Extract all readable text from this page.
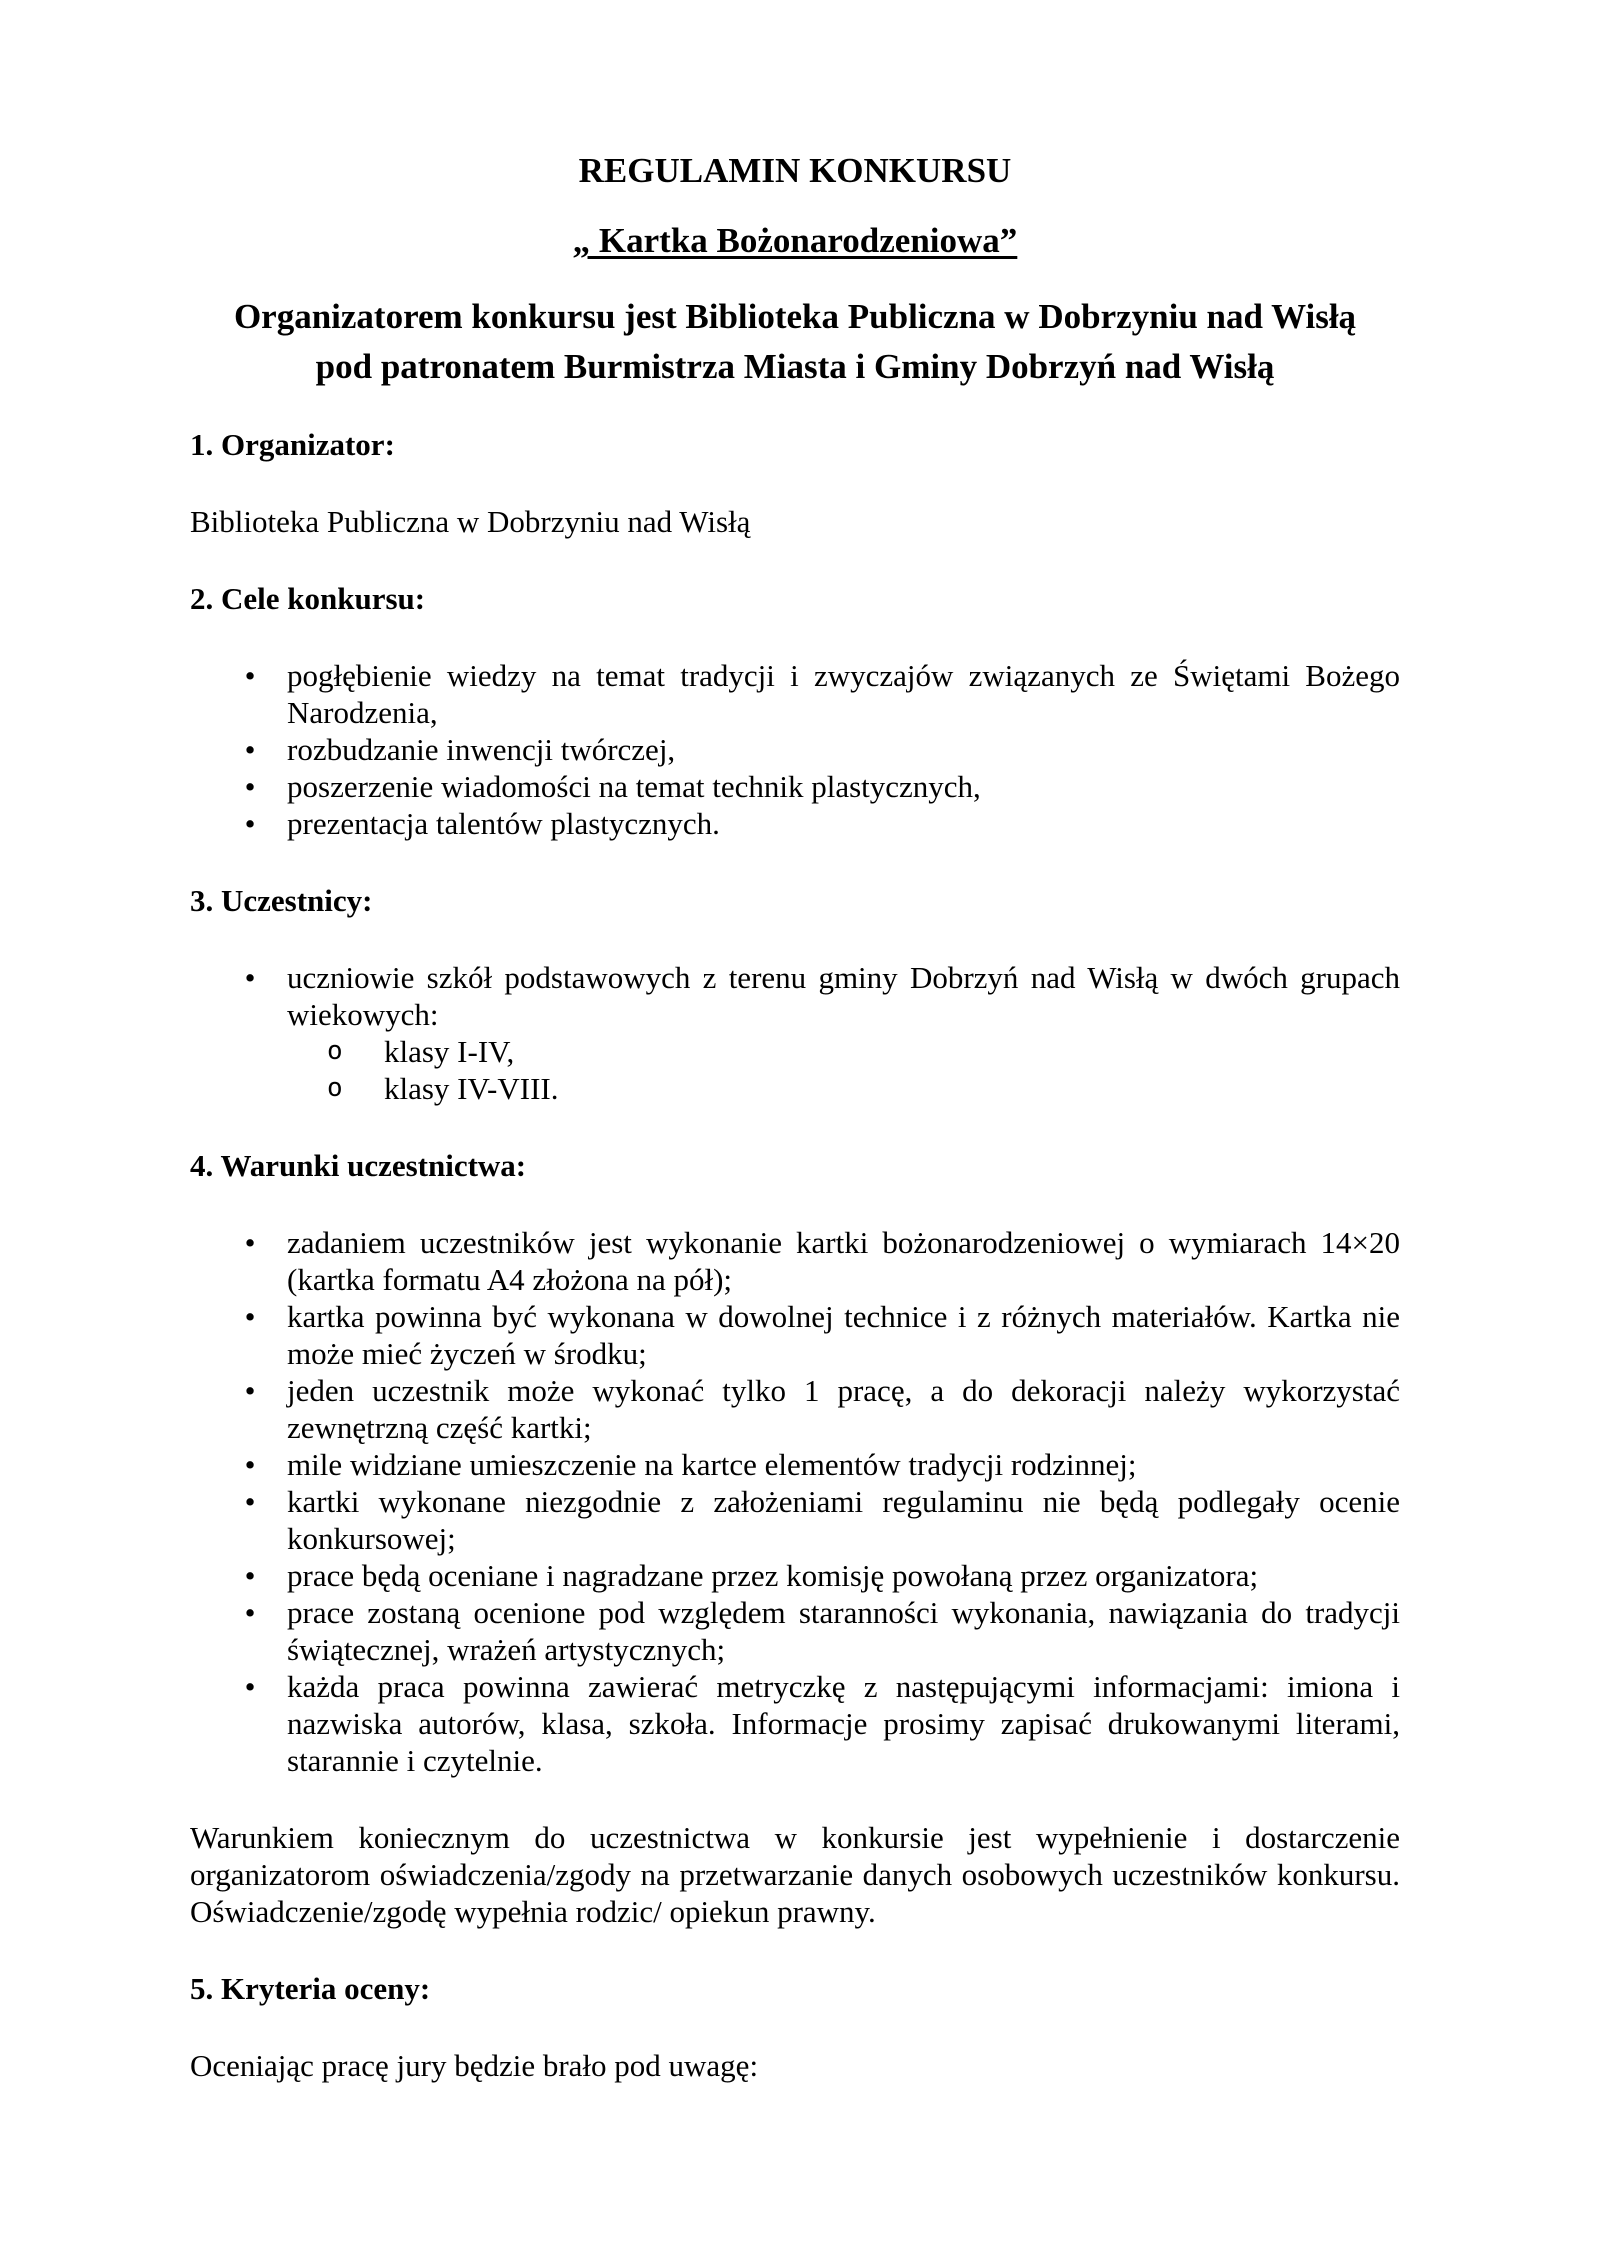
REGULAMIN KONKURSU

„ Kartka Bożonarodzeniowa”

Organizatorem konkursu jest Biblioteka Publiczna w Dobrzyniu nad Wisłą

pod patronatem Burmistrza Miasta i Gminy Dobrzyń nad Wisłą

1. Organizator:

Biblioteka Publiczna w Dobrzyniu nad Wisłą

2. Cele konkursu:

• pogłębienie wiedzy na temat tradycji i zwyczajów związanych ze Świętami Bożego Narodzenia,
• rozbudzanie inwencji twórczej,
• poszerzenie wiadomości na temat technik plastycznych,
• prezentacja talentów plastycznych.

3. Uczestnicy:

• uczniowie szkół podstawowych z terenu gminy Dobrzyń nad Wisłą w dwóch grupach wiekowych:
o klasy I-IV,
o klasy IV-VIII.

4. Warunki uczestnictwa:

• zadaniem uczestników jest wykonanie kartki bożonarodzeniowej o wymiarach 14×20 (kartka formatu A4 złożona na pół);
• kartka powinna być wykonana w dowolnej technice i z różnych materiałów. Kartka nie może mieć życzeń w środku;
• jeden uczestnik może wykonać tylko 1 pracę, a do dekoracji należy wykorzystać zewnętrzną część kartki;
• mile widziane umieszczenie na kartce elementów tradycji rodzinnej;
• kartki wykonane niezgodnie z założeniami regulaminu nie będą podlegały ocenie konkursowej;
• prace będą oceniane i nagradzane przez komisję powołaną przez organizatora;
• prace zostaną ocenione pod względem staranności wykonania, nawiązania do tradycji świątecznej, wrażeń artystycznych;
• każda praca powinna zawierać metryczkę z następującymi informacjami: imiona i nazwiska autorów, klasa, szkoła. Informacje prosimy zapisać drukowanymi literami, starannie i czytelnie.

Warunkiem koniecznym do uczestnictwa w konkursie jest wypełnienie i dostarczenie organizatorom oświadczenia/zgody na przetwarzanie danych osobowych uczestników konkursu. Oświadczenie/zgodę wypełnia rodzic/ opiekun prawny.

5. Kryteria oceny:

Oceniając pracę jury będzie brało pod uwagę:
